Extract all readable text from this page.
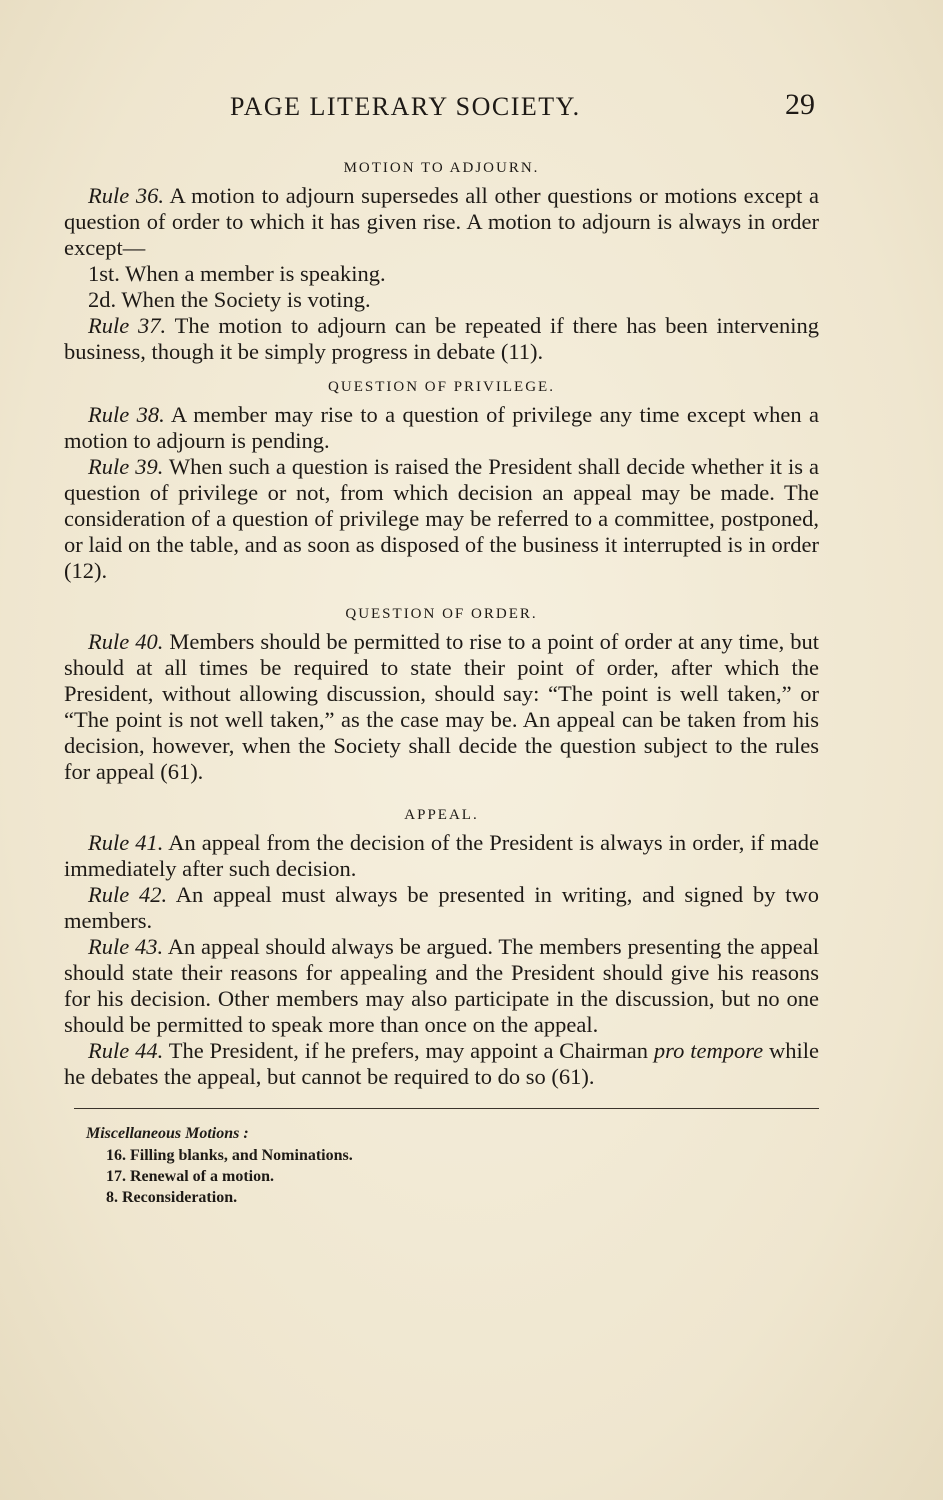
PAGE LITERARY SOCIETY.	29
MOTION TO ADJOURN.

Rule 36. A motion to adjourn supersedes all other questions or motions except a question of order to which it has given rise. A motion to adjourn is always in order except—

1st. When a member is speaking.

2d. When the Society is voting.

Rule 37. The motion to adjourn can be repeated if there has been intervening business, though it be simply progress in debate (11).

QUESTION OF PRIVILEGE.

Rule 38. A member may rise to a question of privilege any time except when a motion to adjourn is pending.

Rule 39. When such a question is raised the President shall decide whether it is a question of privilege or not, from which decision an appeal may be made. The consideration of a question of privilege may be referred to a committee, postponed, or laid on the table, and as soon as disposed of the business it interrupted is in order (12).

QUESTION OF ORDER.

Rule 40. Members should be permitted to rise to a point of order at any time, but should at all times be required to state their point of order, after which the President, without allowing discussion, should say: “The point is well taken,” or “The point is not well taken,” as the case may be. An appeal can be taken from his decision, however, when the Society shall decide the question subject to the rules for appeal (61).

APPEAL.

Rule 41. An appeal from the decision of the President is always in order, if made immediately after such decision.

Rule 42. An appeal must always be presented in writing, and signed by two members.

Rule 43. An appeal should always be argued. The members presenting the appeal should state their reasons for appealing and the President should give his reasons for his decision. Other members may also participate in the discussion, but no one should be permitted to speak more than once on the appeal.

Rule 44. The President, if he prefers, may appoint a Chairman pro tempore while he debates the appeal, but cannot be required to do so (61).

Miscellaneous Motions :

16. Filling blanks, and Nominations.

17. Renewal of a motion.

8. Reconsideration.
